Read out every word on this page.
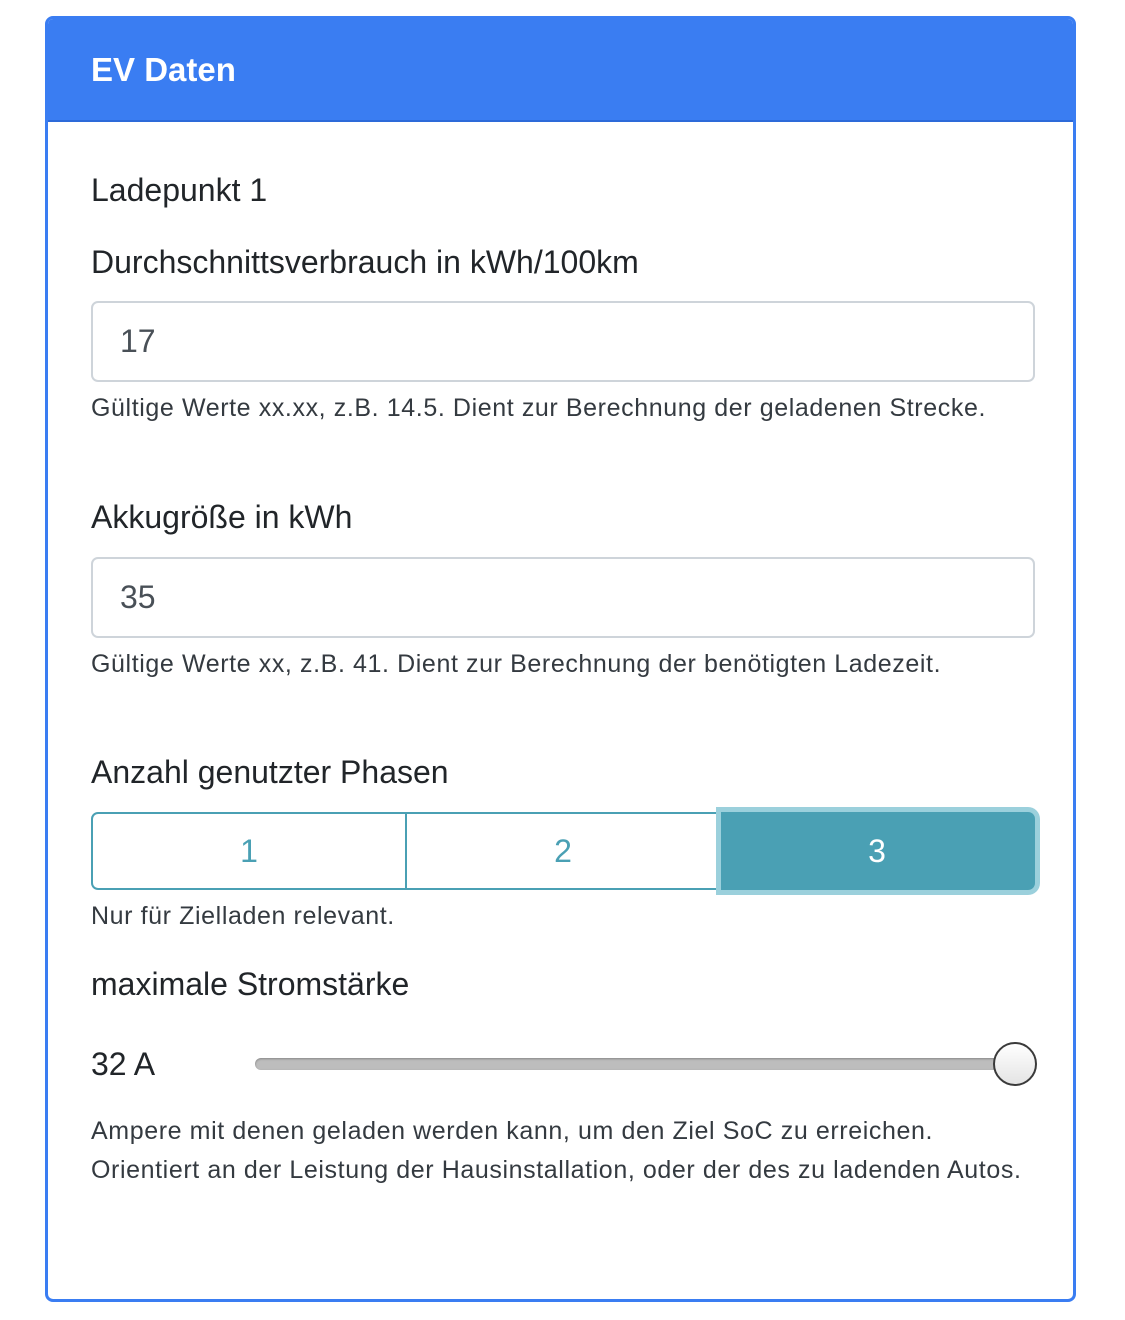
EV Daten
Ladepunkt 1
Durchschnittsverbrauch in kWh/100km
17
Gültige Werte xx.xx, z.B. 14.5. Dient zur Berechnung der geladenen Strecke.
Akkugröße in kWh
35
Gültige Werte xx, z.B. 41. Dient zur Berechnung der benötigten Ladezeit.
Anzahl genutzter Phasen
1	2	3
Nur für Zielladen relevant.
maximale Stromstärke
32 A
Ampere mit denen geladen werden kann, um den Ziel SoC zu erreichen. Orientiert an der Leistung der Hausinstallation, oder der des zu ladenden Autos.
